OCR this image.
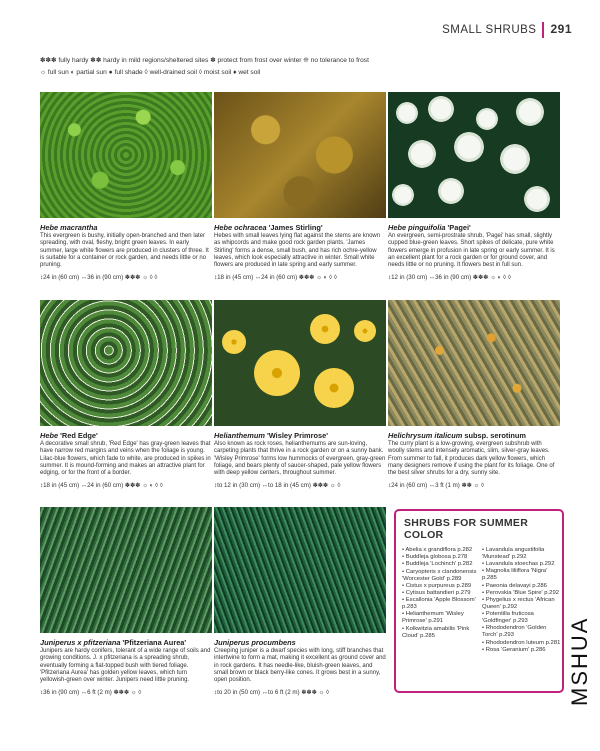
SMALL SHRUBS 291
✽✽✽ fully hardy ✽✽ hardy in mild regions/sheltered sites ✽ protect from frost over winter ❊ no tolerance to frost
☼ full sun ◐ partial sun ● full shade ◊ well-drained soil ◊ moist soil ♦ wet soil
Hebe macrantha
This evergreen is bushy, initially open-branched and then later spreading, with oval, fleshy, bright green leaves. In early summer, large white flowers are produced in clusters of three. It is suitable for a container or rock garden, and needs little or no pruning.
↕24 in (60 cm) ↔36 in (90 cm) ✽✽✽ ☼ ◊ ◊
Hebe ochracea 'James Stirling'
Hebes with small leaves lying flat against the stems are known as whipcords and make good rock garden plants. 'James Stirling' forms a dense, small bush, and has rich ochre-yellow leaves, which look especially attractive in winter. Small white flowers are produced in late spring and early summer.
↕18 in (45 cm) ↔24 in (60 cm) ✽✽✽ ☼ ◐ ◊ ◊
Hebe pinguifolia 'Pagei'
An evergreen, semi-prostrate shrub, 'Pagei' has small, slightly cupped blue-green leaves. Short spikes of delicate, pure white flowers emerge in profusion in late spring or early summer. It is an excellent plant for a rock garden or for ground cover, and needs little or no pruning. It flowers best in full sun.
↕12 in (30 cm) ↔36 in (90 cm) ✽✽✽ ☼ ◐ ◊ ◊
Hebe 'Red Edge'
A decorative small shrub, 'Red Edge' has gray-green leaves that have narrow red margins and veins when the foliage is young. Lilac-blue flowers, which fade to white, are produced in spikes in summer. It is mound-forming and makes an attractive plant for edging, or for the front of a border.
↕18 in (45 cm) ↔24 in (60 cm) ✽✽✽ ☼ ◐ ◊ ◊
Helianthemum 'Wisley Primrose'
Also known as rock roses, helianthemums are sun-loving, carpeting plants that thrive in a rock garden or on a sunny bank. 'Wisley Primrose' forms low hummocks of evergreen, gray-green foliage, and bears plenty of saucer-shaped, pale yellow flowers with deep yellow centers, throughout summer.
↕to 12 in (30 cm) ↔to 18 in (45 cm) ✽✽✽ ☼ ◊
Helichrysum italicum subsp. serotinum
The curry plant is a low-growing, evergreen subshrub with woolly stems and intensely aromatic, slim, silver-gray leaves. From summer to fall, it produces dark yellow flowers, which many designers remove if using the plant for its foliage. One of the best silver shrubs for a dry, sunny site.
↕24 in (60 cm) ↔3 ft (1 m) ✽✽ ☼ ◊
Juniperus x pfitzeriana 'Pfitzeriana Aurea'
Junipers are hardy conifers, tolerant of a wide range of soils and growing conditions. J. x pfitzeriana is a spreading shrub, eventually forming a flat-topped bush with tiered foliage. 'Pfitzeriana Aurea' has golden yellow leaves, which turn yellowish-green over winter. Junipers need little pruning.
↕36 in (90 cm) ↔6 ft (2 m) ✽✽✽ ☼ ◊
Juniperus procumbens
Creeping juniper is a dwarf species with long, stiff branches that intertwine to form a mat, making it excellent as ground cover and in rock gardens. It has needle-like, bluish-green leaves, and small brown or black berry-like cones. It grows best in a sunny, open position.
↕to 20 in (50 cm) ↔to 6 ft (2 m) ✽✽✽ ☼ ◊
SHRUBS FOR SUMMER COLOR
• Abelia x grandiflora p.282
• Buddleja globosa p.278
• Buddleja 'Lochinch' p.282
• Caryopteris x clandonensis 'Worcester Gold' p.289
• Cistus x purpureus p.289
• Cytisus battandieri p.279
• Escallonia 'Apple Blossom' p.283
• Helianthemum 'Wisley Primrose' p.291
• Kolkwitzia amabilis 'Pink Cloud' p.285
• Lavandula angustifolia 'Munstead' p.292
• Lavandula stoechas p.292
• Magnolia liliiflora 'Nigra' p.285
• Paeonia delavayi p.286
• Perovskia 'Blue Spire' p.292
• Phygelius x rectus 'African Queen' p.292
• Potentilla fruticosa 'Goldfinger' p.293
• Rhododendron 'Golden Torch' p.293
• Rhododendron luteum p.281
• Rosa 'Geranium' p.286 MSHUA
